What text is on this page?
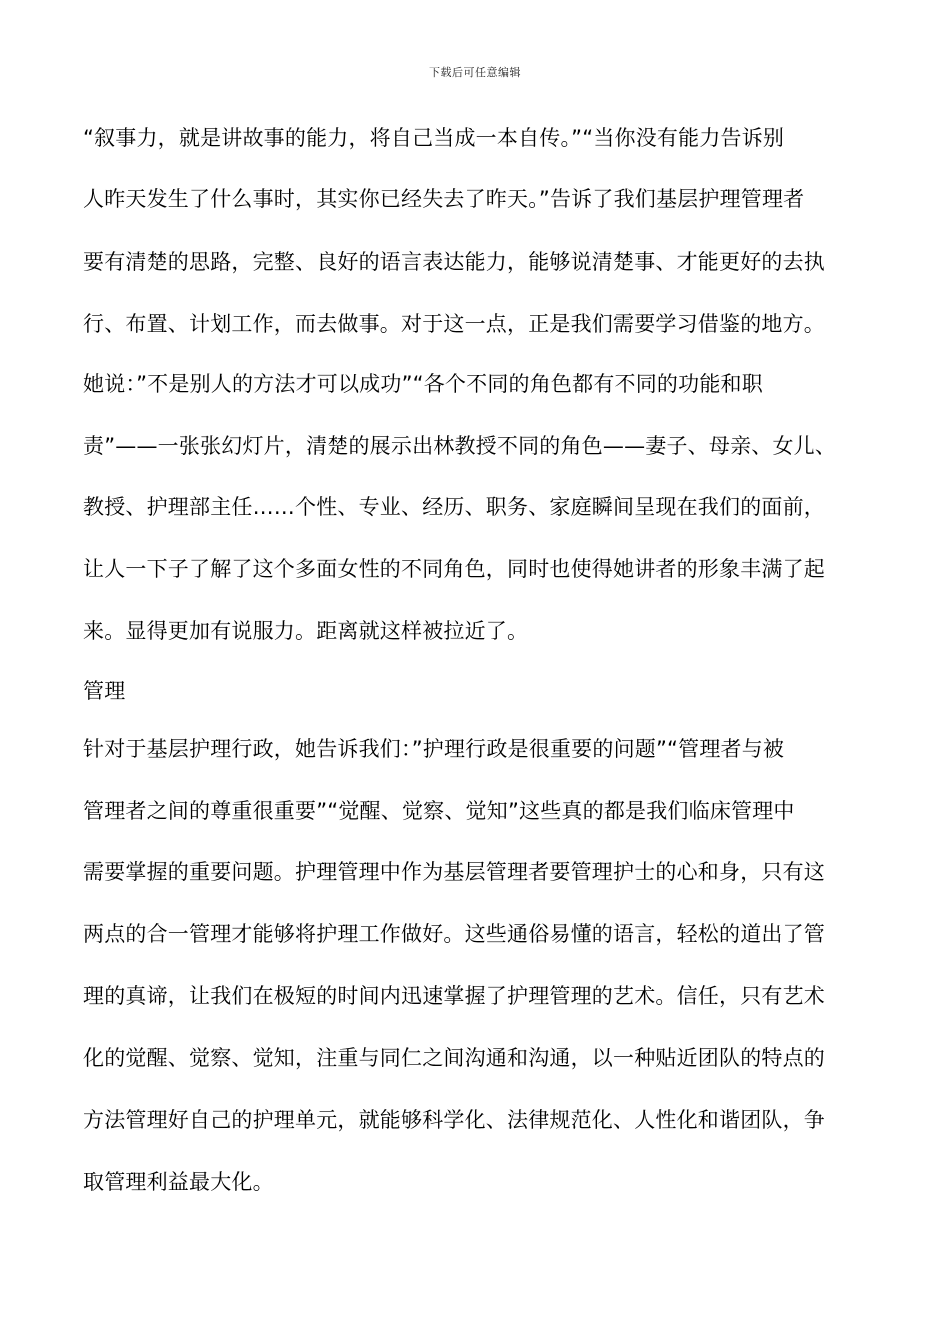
下载后可任意编辑
“叙事力，就是讲故事的能力，将自己当成一本自传。”“当你没有能力告诉别
人昨天发生了什么事时，其实你已经失去了昨天。”告诉了我们基层护理管理者
要有清楚的思路，完整、良好的语言表达能力，能够说清楚事、才能更好的去执
行、布置、计划工作，而去做事。对于这一点，正是我们需要学习借鉴的地方。
她说：”不是别人的方法才可以成功”“各个不同的角色都有不同的功能和职
责”——一张张幻灯片，清楚的展示出林教授不同的角色——妻子、母亲、女儿、
教授、护理部主任……个性、专业、经历、职务、家庭瞬间呈现在我们的面前，
让人一下子了解了这个多面女性的不同角色，同时也使得她讲者的形象丰满了起
来。显得更加有说服力。距离就这样被拉近了。
管理
针对于基层护理行政，她告诉我们：”护理行政是很重要的问题”“管理者与被
管理者之间的尊重很重要”“觉醒、觉察、觉知”这些真的都是我们临床管理中
需要掌握的重要问题。护理管理中作为基层管理者要管理护士的心和身，只有这
两点的合一管理才能够将护理工作做好。这些通俗易懂的语言，轻松的道出了管
理的真谛，让我们在极短的时间内迅速掌握了护理管理的艺术。信任，只有艺术
化的觉醒、觉察、觉知，注重与同仁之间沟通和沟通，以一种贴近团队的特点的
方法管理好自己的护理单元，就能够科学化、法律规范化、人性化和谐团队，争
取管理利益最大化。
